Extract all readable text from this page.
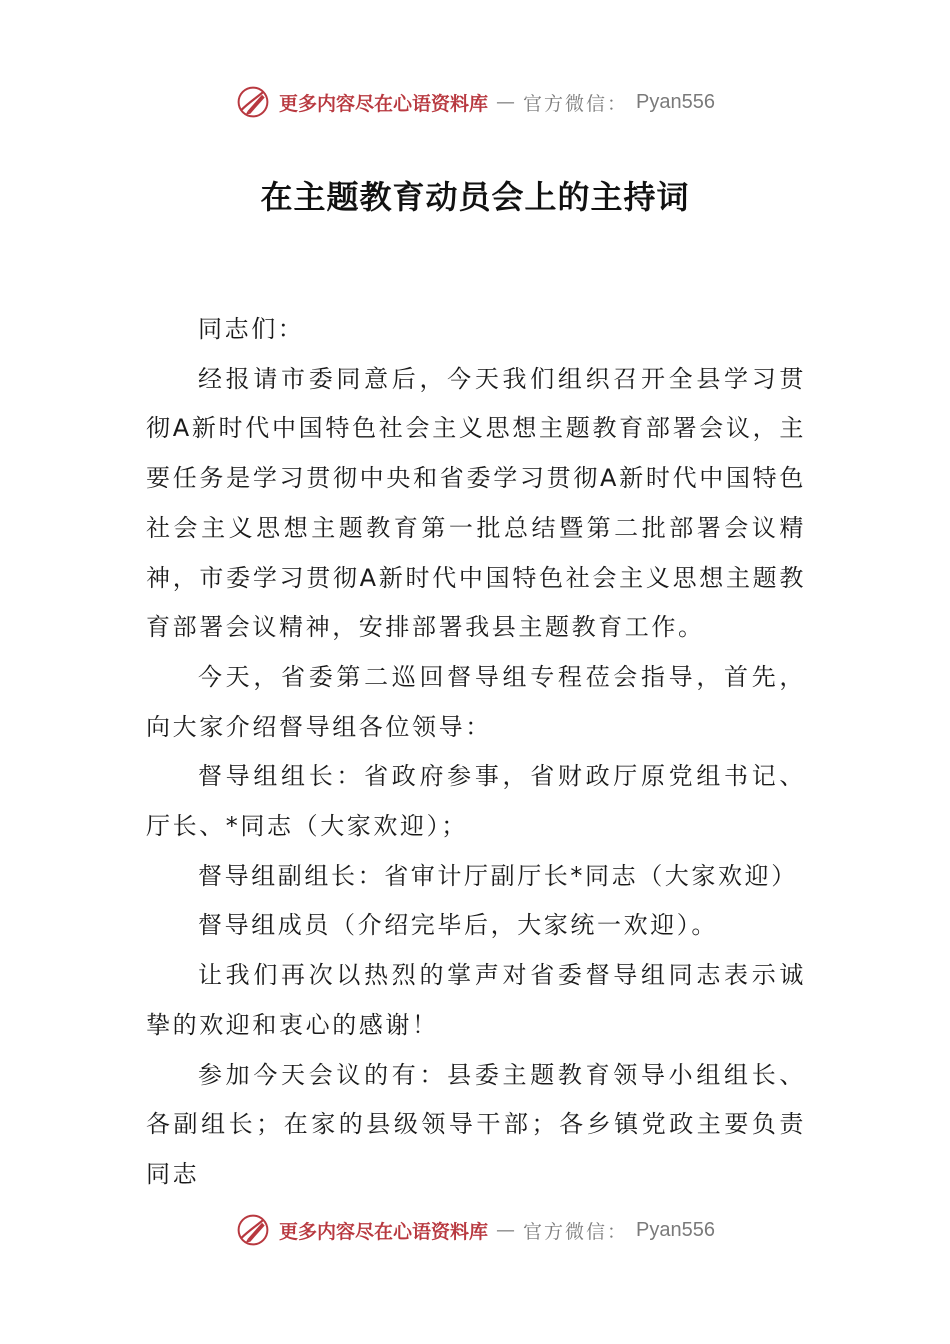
更多内容尽在心语资料库 — 官方微信： Pyan556
在主题教育动员会上的主持词

同志们：

经报请市委同意后，今天我们组织召开全县学习贯彻A新时代中国特色社会主义思想主题教育部署会议，主要任务是学习贯彻中央和省委学习贯彻A新时代中国特色社会主义思想主题教育第一批总结暨第二批部署会议精神，市委学习贯彻A新时代中国特色社会主义思想主题教育部署会议精神，安排部署我县主题教育工作。

今天，省委第二巡回督导组专程莅会指导，首先，向大家介绍督导组各位领导：

督导组组长：省政府参事，省财政厅原党组书记、厅长、*同志（大家欢迎）；

督导组副组长：省审计厅副厅长*同志（大家欢迎）

督导组成员（介绍完毕后，大家统一欢迎）。

让我们再次以热烈的掌声对省委督导组同志表示诚挚的欢迎和衷心的感谢！

参加今天会议的有：县委主题教育领导小组组长、各副组长；在家的县级领导干部；各乡镇党政主要负责同志

更多内容尽在心语资料库 — 官方微信： Pyan556
